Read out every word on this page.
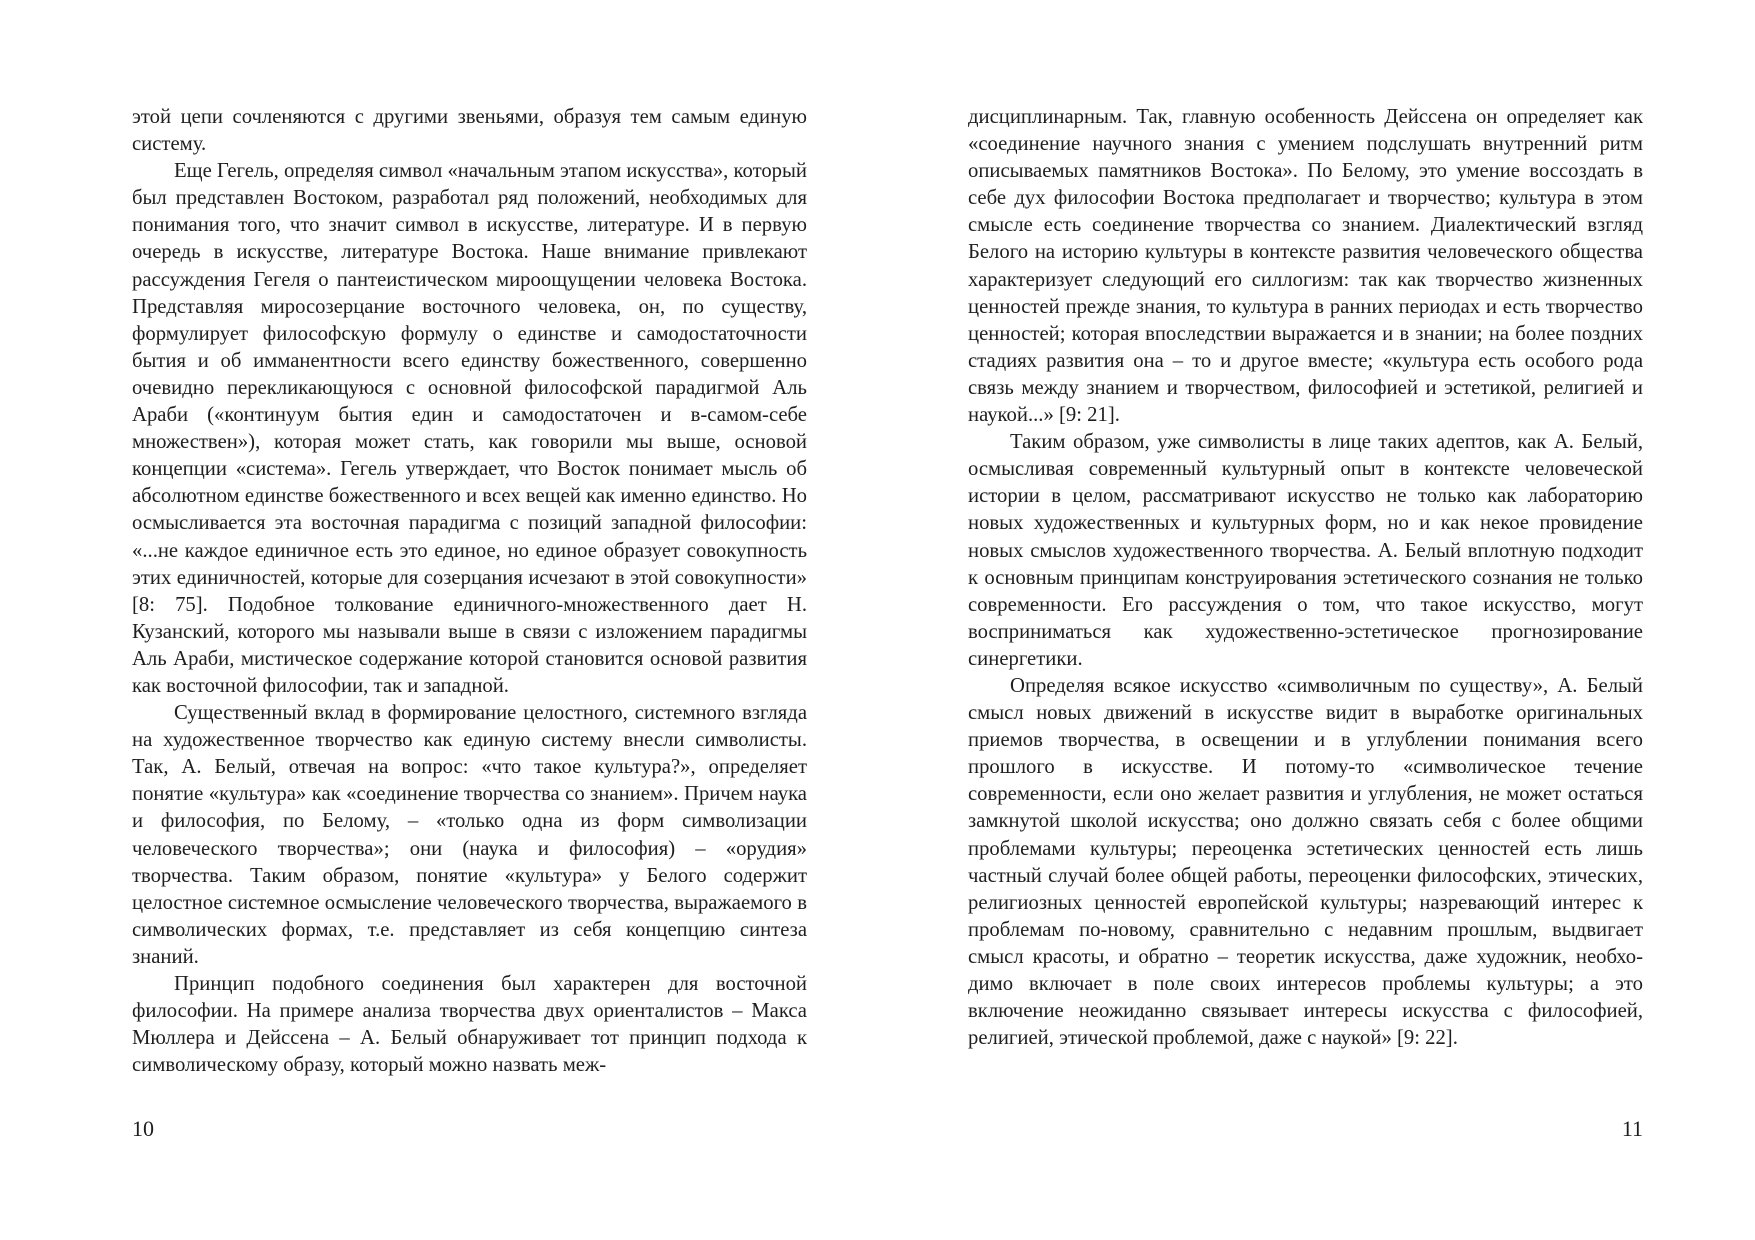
этой цепи сочленяются с другими звеньями, образуя тем самым единую систему.

Еще Гегель, определяя символ «начальным этапом искусства», который был представлен Востоком, разработал ряд положений, необходимых для понимания того, что значит символ в искусстве, литературе. И в первую очередь в искусстве, литературе Востока. Наше внимание привлекают рассуждения Гегеля о пантеистическом мироощущении человека Востока. Представляя миросозерцание восточного человека, он, по существу, формулирует философскую формулу о единстве и самодостаточности бытия и об имманентности всего единству божественного, совершенно очевидно перекликающуюся с основной философской парадигмой Аль Араби («континуум бытия един и самодостаточен и в-самом-себе множествен»), которая может стать, как говорили мы выше, основой концепции «система». Гегель утверждает, что Восток понимает мысль об абсолютном единстве божественного и всех вещей как именно единство. Но осмысливается эта восточная парадигма с позиций западной философии: «...не каждое единичное есть это единое, но единое образует совокупность этих единичностей, которые для созерцания исчезают в этой совокупности» [8: 75]. Подобное толкование единичного-множественного дает Н. Кузанский, которого мы называли выше в связи с изложением парадигмы Аль Араби, мистическое содержание которой становится основой развития как восточной философии, так и западной.

Существенный вклад в формирование целостного, системного взгляда на художественное творчество как единую систему внесли символисты. Так, А. Белый, отвечая на вопрос: «что такое культура?», определяет понятие «культура» как «соединение творчества со знанием». Причем наука и философия, по Белому, – «только одна из форм символизации человеческого творчества»; они (наука и философия) – «орудия» творчества. Таким образом, понятие «культура» у Белого содержит целостное системное осмысление человеческого творчества, выражаемого в символических формах, т.е. представляет из себя концепцию синтеза знаний.

Принцип подобного соединения был характерен для восточной философии. На примере анализа творчества двух ориенталистов – Макса Мюллера и Дейссена – А. Белый обнаруживает тот принцип подхода к символическому образу, который можно назвать меж-

10

дисциплинарным. Так, главную особенность Дейссена он определяет как «соединение научного знания с умением подслушать внутренний ритм описываемых памятников Востока». По Белому, это умение воссоздать в себе дух философии Востока предполагает и творчество; культура в этом смысле есть соединение творчества со знанием. Диалектический взгляд Белого на историю культуры в контексте развития человеческого общества характеризует следующий его силлогизм: так как творчество жизненных ценностей прежде знания, то культура в ранних периодах и есть творчество ценностей; которая впоследствии выражается и в знании; на более поздних стадиях развития она – то и другое вместе; «культура есть особого рода связь между знанием и творчеством, философией и эстетикой, религией и наукой...» [9: 21].

Таким образом, уже символисты в лице таких адептов, как А. Белый, осмысливая современный культурный опыт в контексте человеческой истории в целом, рассматривают искусство не только как лабораторию новых художественных и культурных форм, но и как некое провидение новых смыслов художественного творчества. А. Белый вплотную подходит к основным принципам конструирования эстетического сознания не только современности. Его рассуждения о том, что такое искусство, могут восприниматься как художественно-эстетическое прогнозирование синергетики.

Определяя всякое искусство «символичным по существу», А. Белый смысл новых движений в искусстве видит в выработке оригинальных приемов творчества, в освещении и в углублении понимания всего прошлого в искусстве. И потому-то «символическое течение современности, если оно желает развития и углубления, не может остаться замкнутой школой искусства; оно должно связать себя с более общими проблемами культуры; переоценка эстетических ценностей есть лишь частный случай более общей работы, переоценки философских, этических, религиозных ценностей европейской культуры; назревающий интерес к проблемам по-новому, сравнительно с недавним прошлым, выдвигает смысл красоты, и обратно – теоретик искусства, даже художник, необходимо включает в поле своих интересов проблемы культуры; а это включение неожиданно связывает интересы искусства с философией, религией, этической проблемой, даже с наукой» [9: 22].

11
